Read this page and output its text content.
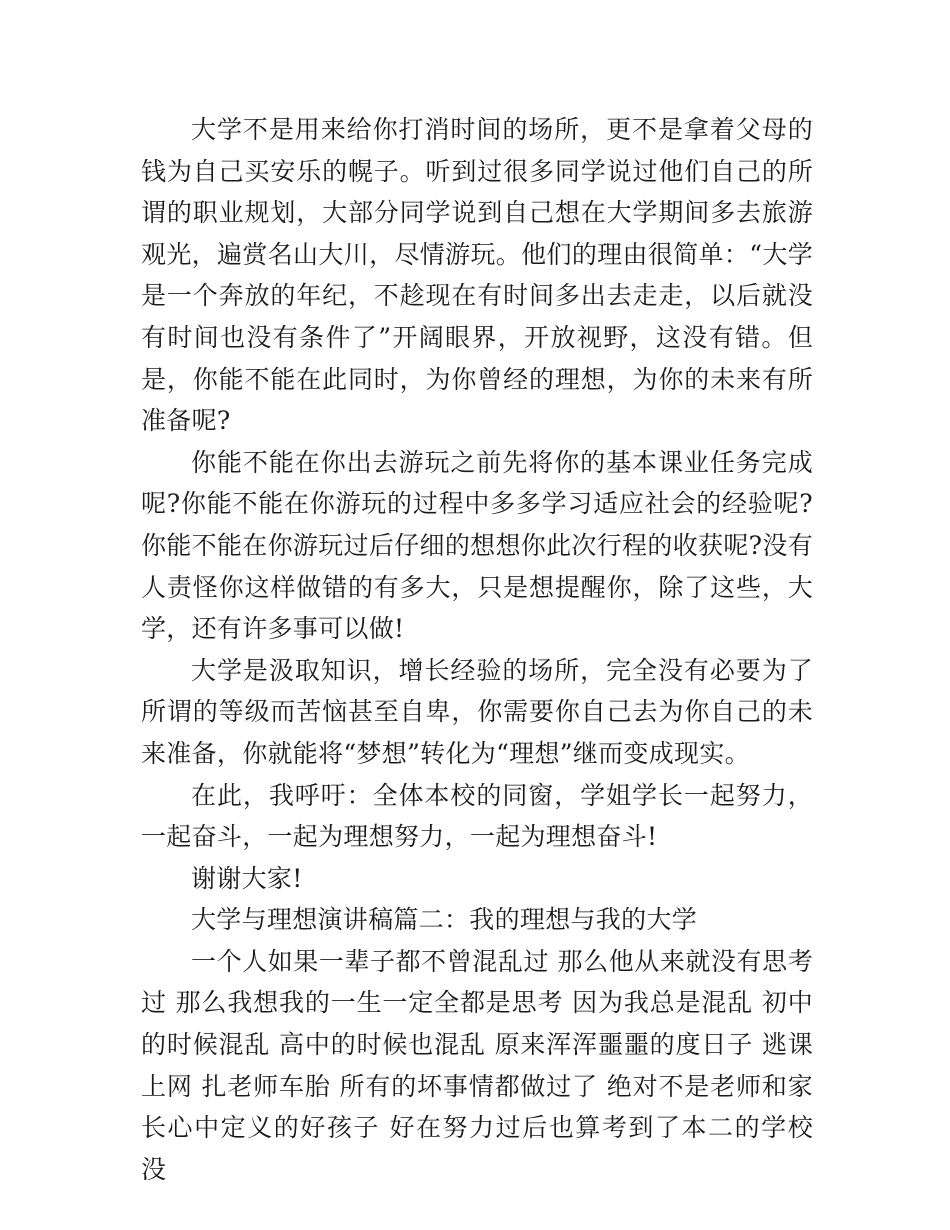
大学不是用来给你打消时间的场所，更不是拿着父母的钱为自己买安乐的幌子。听到过很多同学说过他们自己的所谓的职业规划，大部分同学说到自己想在大学期间多去旅游观光，遍赏名山大川，尽情游玩。他们的理由很简单：“大学是一个奔放的年纪，不趁现在有时间多出去走走，以后就没有时间也没有条件了”开阔眼界，开放视野，这没有错。但是，你能不能在此同时，为你曾经的理想，为你的未来有所准备呢?

你能不能在你出去游玩之前先将你的基本课业任务完成呢?你能不能在你游玩的过程中多多学习适应社会的经验呢?你能不能在你游玩过后仔细的想想你此次行程的收获呢?没有人责怪你这样做错的有多大，只是想提醒你，除了这些，大学，还有许多事可以做!

大学是汲取知识，增长经验的场所，完全没有必要为了所谓的等级而苦恼甚至自卑，你需要你自己去为你自己的未来准备，你就能将“梦想”转化为“理想”继而变成现实。

在此，我呼吁：全体本校的同窗，学姐学长一起努力，一起奋斗，一起为理想努力，一起为理想奋斗!

谢谢大家!

大学与理想演讲稿篇二：我的理想与我的大学

一个人如果一辈子都不曾混乱过 那么他从来就没有思考过 那么我想我的一生一定全都是思考 因为我总是混乱 初中的时候混乱 高中的时候也混乱 原来浑浑噩噩的度日子 逃课上网 扎老师车胎 所有的坏事情都做过了 绝对不是老师和家长心中定义的好孩子 好在努力过后也算考到了本二的学校 没
